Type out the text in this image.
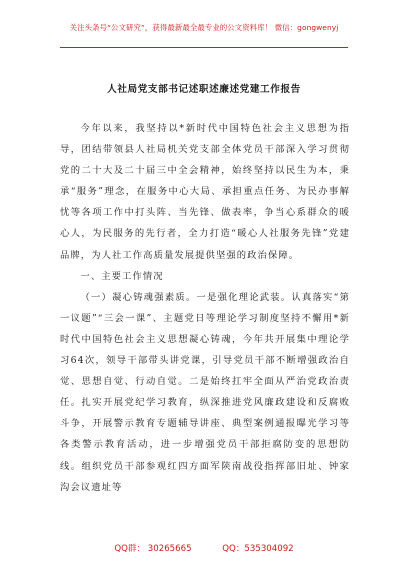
关注头条号“公文研究”，获得最新最全最专业的公文资料库！ 微信：gongwenyj
人社局党支部书记述职述廉述党建工作报告

今年以来，我坚持以*新时代中国特色社会主义思想为指导，团结带领县人社局机关党支部全体党员干部深入学习贯彻党的二十大及二十届三中全会精神，始终坚持以民生为本，秉承“服务”理念，在服务中心大局、承担重点任务、为民办事解忧等各项工作中打头阵、当先锋、做表率，争当心系群众的暖心人，为民服务的先行者，全力打造“暖心人社服务先锋”党建品牌，为人社工作高质量发展提供坚强的政治保障。

一、主要工作情况

（一）凝心铸魂强素质。一是强化理论武装。认真落实“第一议题”“三会一课”、主题党日等理论学习制度坚持不懈用*新时代中国特色社会主义思想凝心铸魂，今年共开展集中理论学习64次，领导干部带头讲党课，引导党员干部不断增强政治自觉、思想自觉、行动自觉。二是始终扛牢全面从严治党政治责任。扎实开展党纪学习教育，纵深推进党风廉政建设和反腐败斗争，开展警示教育专题辅导讲座、典型案例通报曝光学习等各类警示教育活动，进一步增强党员干部拒腐防变的思想防线。组织党员干部参观红四方面军陕南战役指挥部旧址、钟家沟会议遗址等

QQ群： 30265665	QQ：535304092
